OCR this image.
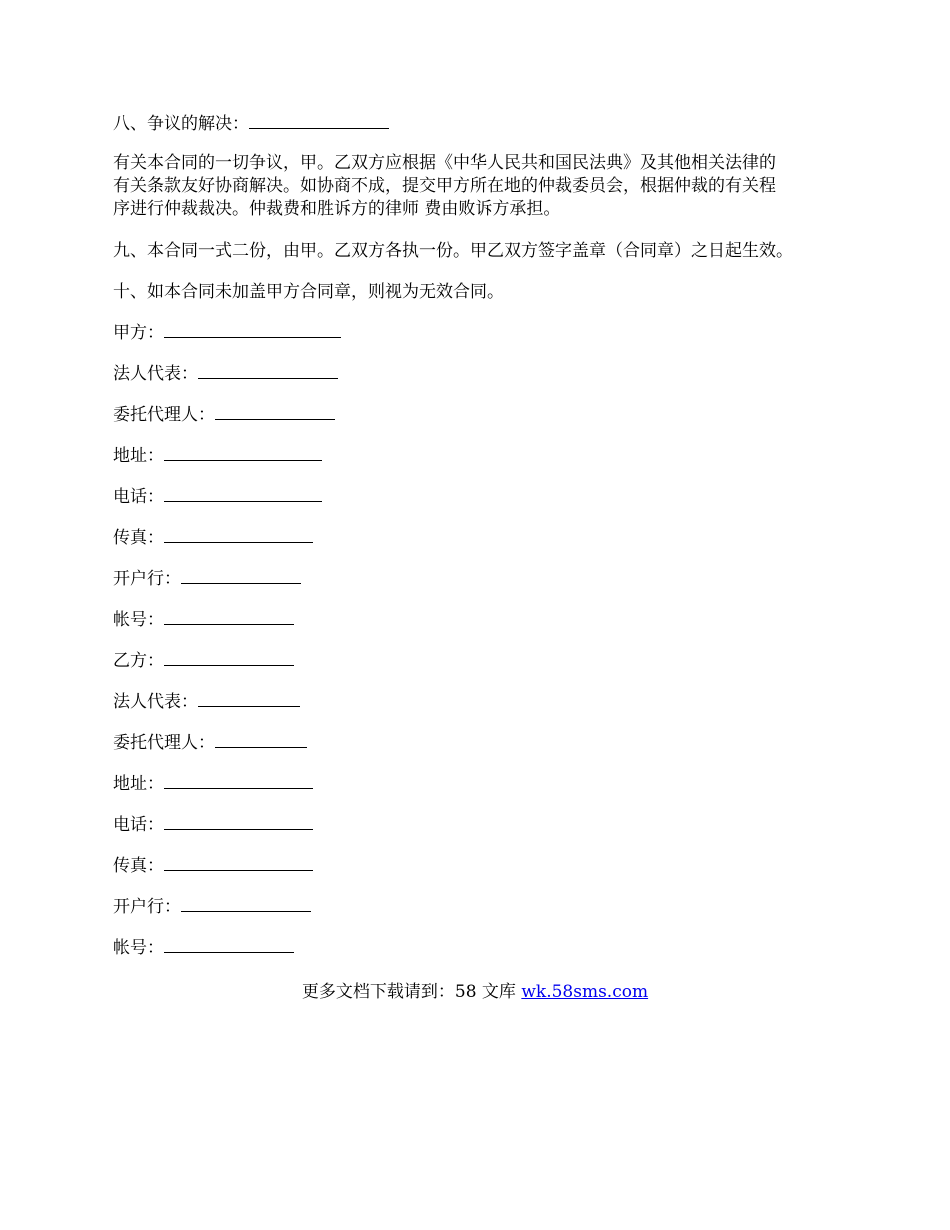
八、争议的解决：
有关本合同的一切争议，甲。乙双方应根据《中华人民共和国民法典》及其他相关法律的
有关条款友好协商解决。如协商不成，提交甲方所在地的仲裁委员会，根据仲裁的有关程
序进行仲裁裁决。仲裁费和胜诉方的律师 费由败诉方承担。
九、本合同一式二份，由甲。乙双方各执一份。甲乙双方签字盖章（合同章）之日起生效。
十、如本合同未加盖甲方合同章，则视为无效合同。
甲方：
法人代表：
委托代理人：
地址：
电话：
传真：
开户行：
帐号：
乙方：
法人代表：
委托代理人：
地址：
电话：
传真：
开户行：
帐号：
更多文档下载请到：58 文库 wk.58sms.com
